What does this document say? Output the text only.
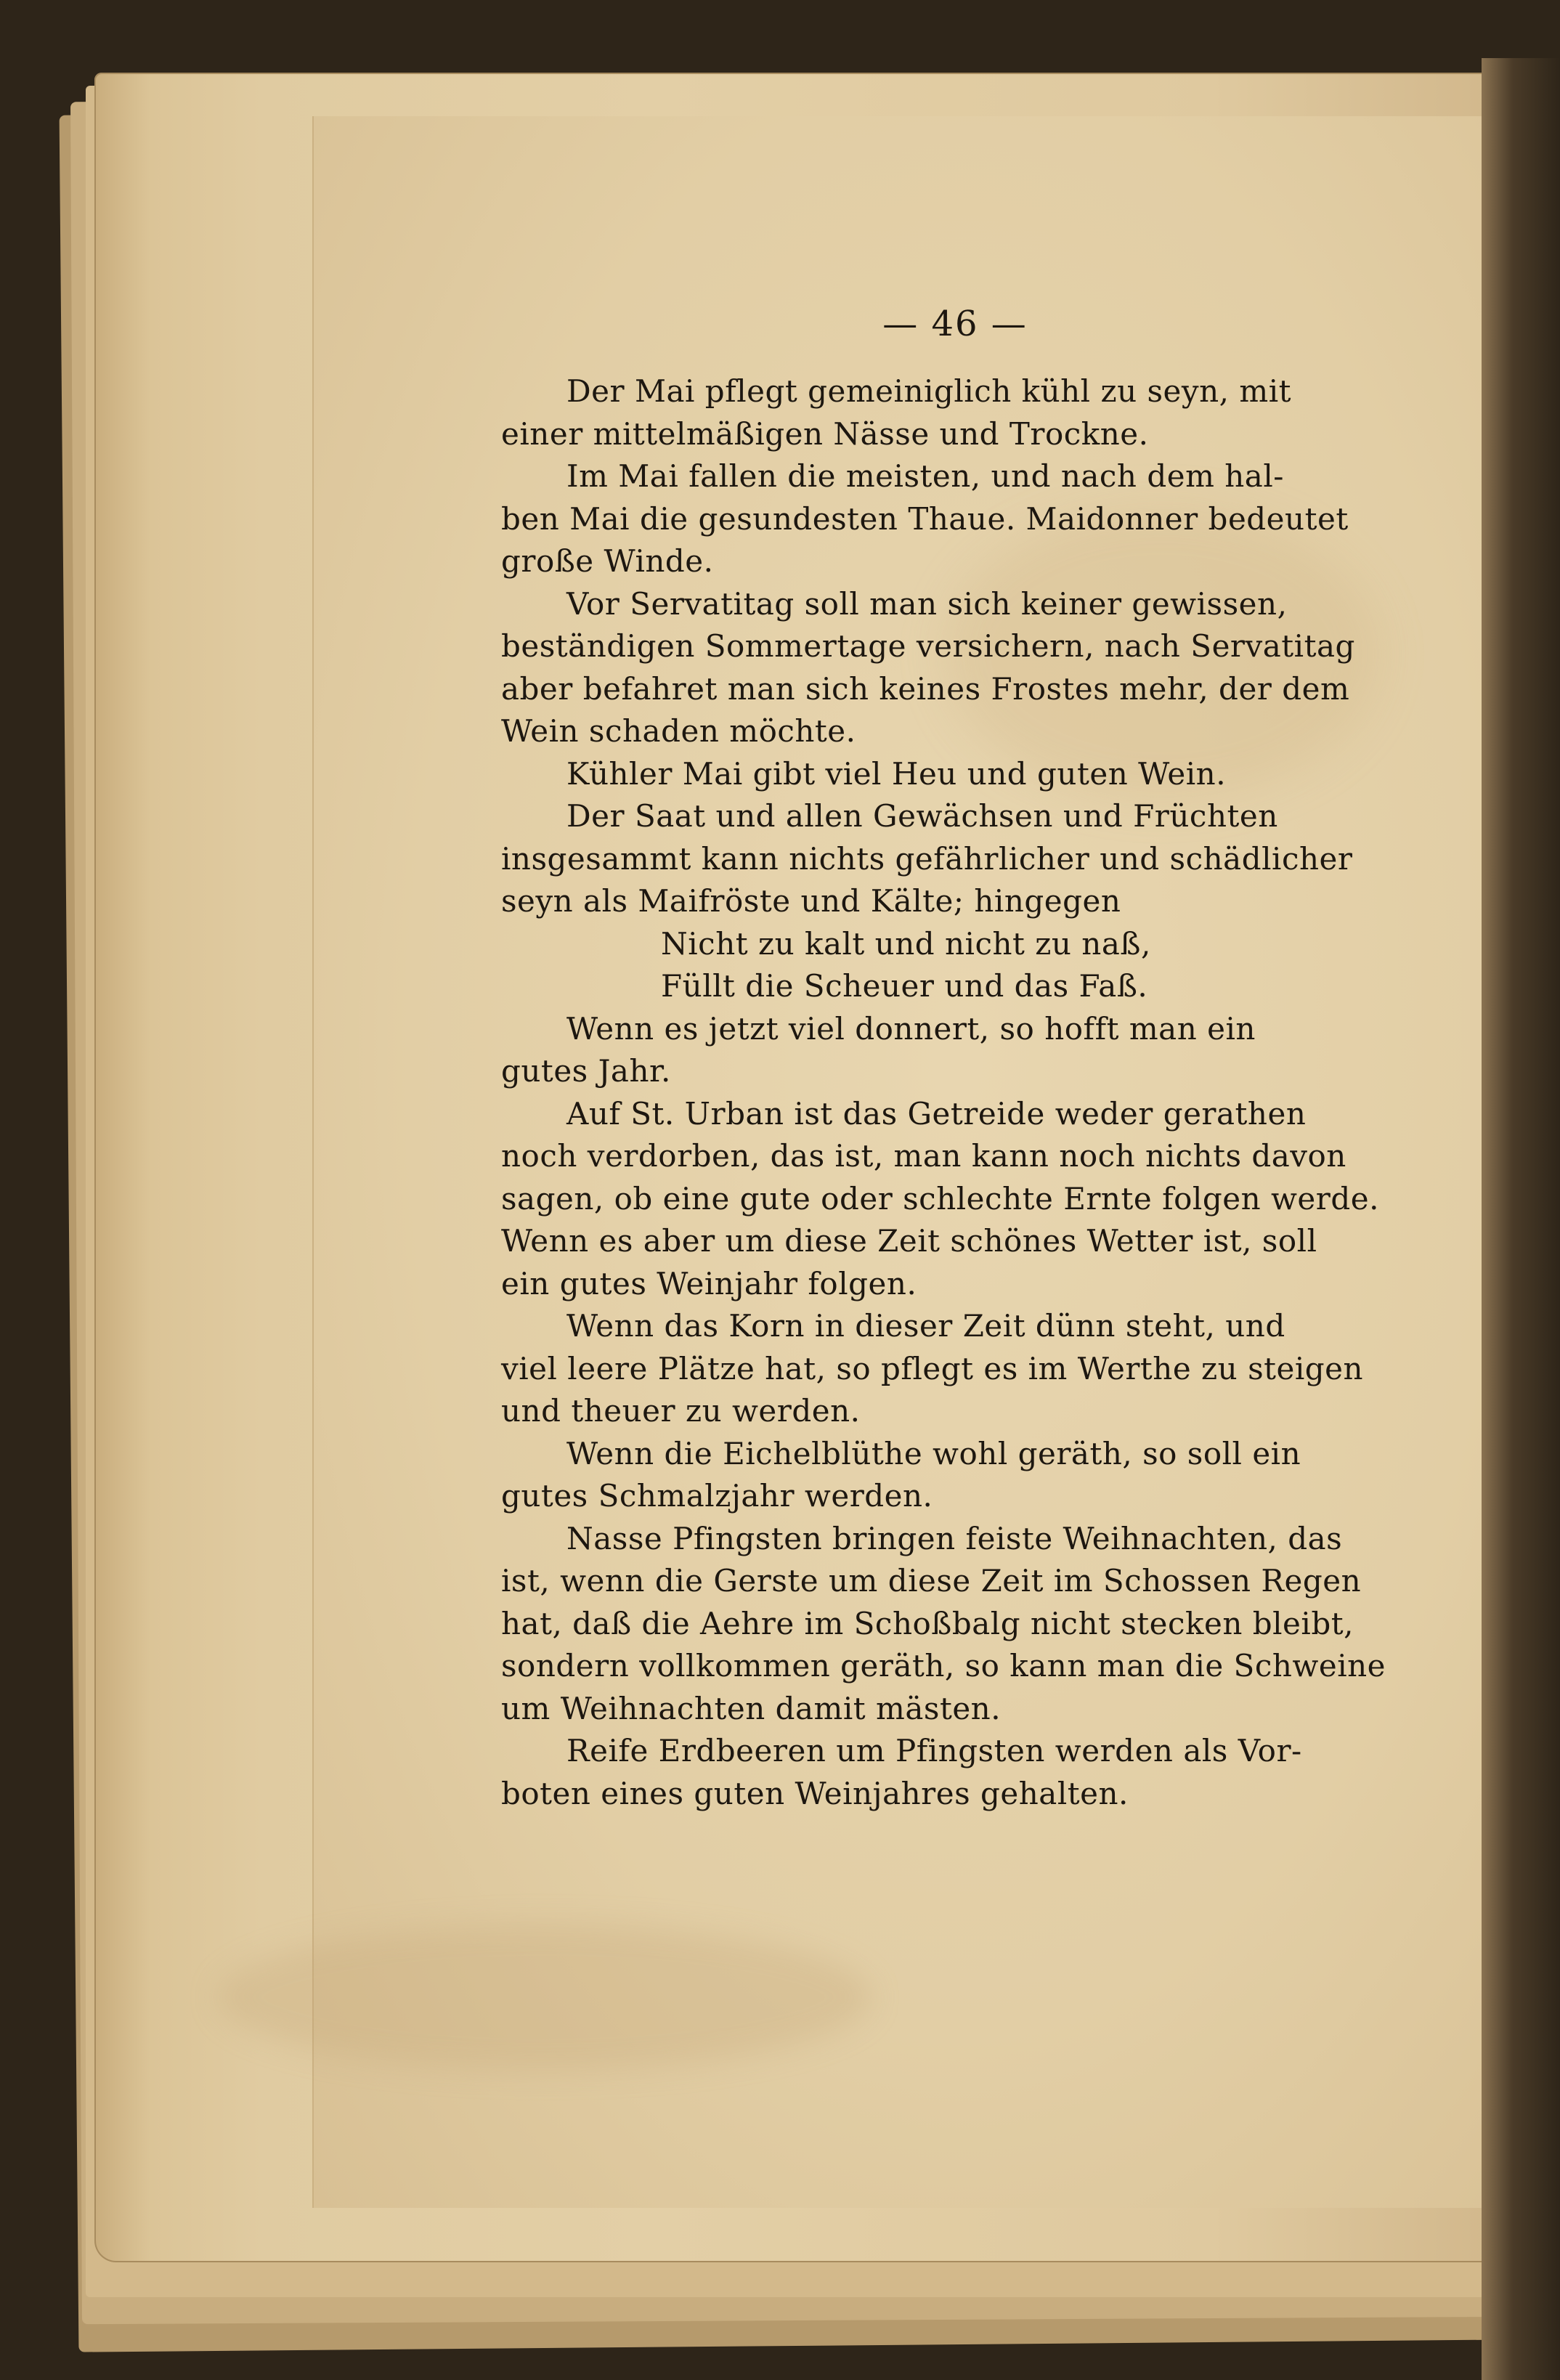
— 46 —
Der Mai pflegt gemeiniglich kühl zu seyn, mit
einer mittelmäßigen Nässe und Trockne.
Im Mai fallen die meisten, und nach dem hal-
ben Mai die gesundesten Thaue. Maidonner bedeutet
große Winde.
Vor Servatitag soll man sich keiner gewissen,
beständigen Sommertage versichern, nach Servatitag
aber befahret man sich keines Frostes mehr, der dem
Wein schaden möchte.
Kühler Mai gibt viel Heu und guten Wein.
Der Saat und allen Gewächsen und Früchten
insgesammt kann nichts gefährlicher und schädlicher
seyn als Maifröste und Kälte; hingegen
Nicht zu kalt und nicht zu naß,
Füllt die Scheuer und das Faß.
Wenn es jetzt viel donnert, so hofft man ein
gutes Jahr.
Auf St. Urban ist das Getreide weder gerathen
noch verdorben, das ist, man kann noch nichts davon
sagen, ob eine gute oder schlechte Ernte folgen werde.
Wenn es aber um diese Zeit schönes Wetter ist, soll
ein gutes Weinjahr folgen.
Wenn das Korn in dieser Zeit dünn steht, und
viel leere Plätze hat, so pflegt es im Werthe zu steigen
und theuer zu werden.
Wenn die Eichelblüthe wohl geräth, so soll ein
gutes Schmalzjahr werden.
Nasse Pfingsten bringen feiste Weihnachten, das
ist, wenn die Gerste um diese Zeit im Schossen Regen
hat, daß die Aehre im Schoßbalg nicht stecken bleibt,
sondern vollkommen geräth, so kann man die Schweine
um Weihnachten damit mästen.
Reife Erdbeeren um Pfingsten werden als Vor-
boten eines guten Weinjahres gehalten.
